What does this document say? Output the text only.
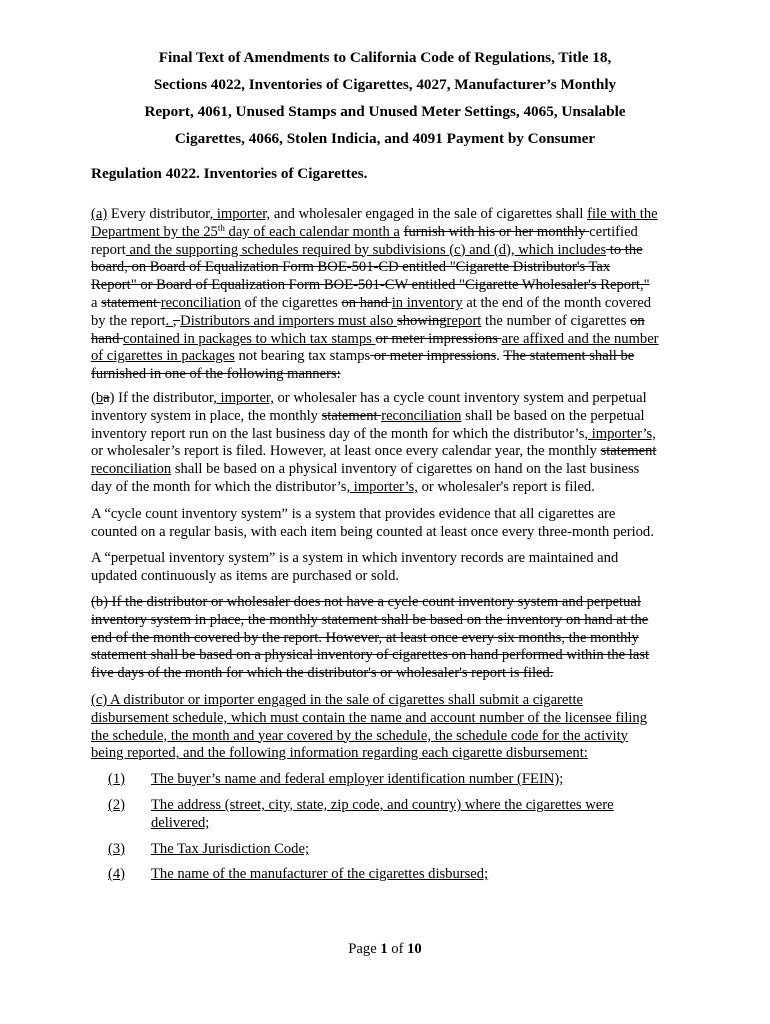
Final Text of Amendments to California Code of Regulations, Title 18,
Sections 4022, Inventories of Cigarettes, 4027, Manufacturer’s Monthly
Report, 4061, Unused Stamps and Unused Meter Settings, 4065, Unsalable
Cigarettes, 4066, Stolen Indicia, and 4091 Payment by Consumer
Regulation 4022. Inventories of Cigarettes.
(a) Every distributor, importer, and wholesaler engaged in the sale of cigarettes shall file with the
Department by the 25th day of each calendar month a furnish with his or her monthly certified
report and the supporting schedules required by subdivisions (c) and (d), which includes to the
board, on Board of Equalization Form BOE-501-CD entitled "Cigarette Distributor's Tax
Report" or Board of Equalization Form BOE-501-CW entitled "Cigarette Wholesaler's Report,"
a statement reconciliation of the cigarettes on hand in inventory at the end of the month covered
by the report. , Distributors and importers must also showingreport the number of cigarettes on
hand contained in packages to which tax stamps or meter impressions are affixed and the number
of cigarettes in packages not bearing tax stamps or meter impressions. The statement shall be
furnished in one of the following manners:
(ba) If the distributor, importer, or wholesaler has a cycle count inventory system and perpetual
inventory system in place, the monthly statement reconciliation shall be based on the perpetual
inventory report run on the last business day of the month for which the distributor’s, importer’s,
or wholesaler’s report is filed. However, at least once every calendar year, the monthly statement
reconciliation shall be based on a physical inventory of cigarettes on hand on the last business
day of the month for which the distributor’s, importer’s, or wholesaler's report is filed.
A “cycle count inventory system” is a system that provides evidence that all cigarettes are
counted on a regular basis, with each item being counted at least once every three-month period.
A “perpetual inventory system” is a system in which inventory records are maintained and
updated continuously as items are purchased or sold.
(b) If the distributor or wholesaler does not have a cycle count inventory system and perpetual
inventory system in place, the monthly statement shall be based on the inventory on hand at the
end of the month covered by the report. However, at least once every six months, the monthly
statement shall be based on a physical inventory of cigarettes on hand performed within the last
five days of the month for which the distributor's or wholesaler's report is filed.
(c) A distributor or importer engaged in the sale of cigarettes shall submit a cigarette
disbursement schedule, which must contain the name and account number of the licensee filing
the schedule, the month and year covered by the schedule, the schedule code for the activity
being reported, and the following information regarding each cigarette disbursement:
(1) The buyer’s name and federal employer identification number (FEIN);
(2) The address (street, city, state, zip code, and country) where the cigarettes were
delivered;
(3) The Tax Jurisdiction Code;
(4) The name of the manufacturer of the cigarettes disbursed;
Page 1 of 10
